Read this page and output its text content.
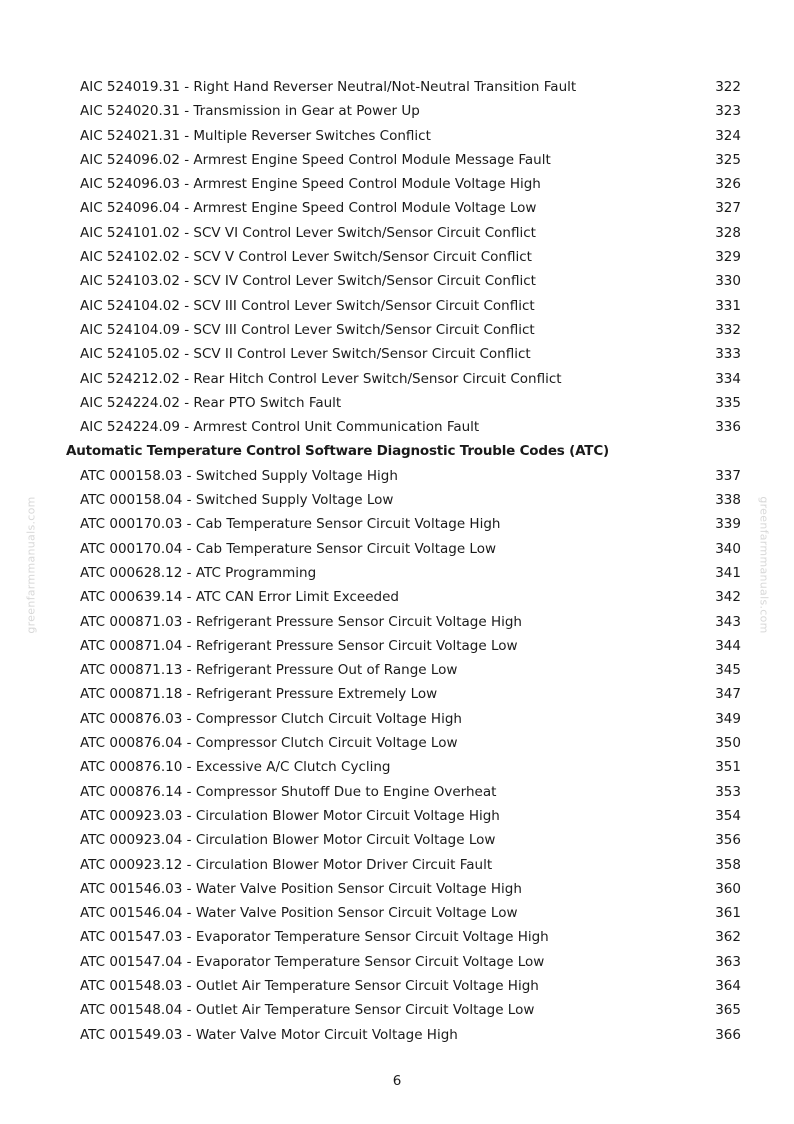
greenfarmmanuals.com	greenfarmmanuals.com
AIC 524019.31 - Right Hand Reverser Neutral/Not-Neutral Transition Fault	322
AIC 524020.31 - Transmission in Gear at Power Up	323
AIC 524021.31 - Multiple Reverser Switches Conflict	324
AIC 524096.02 - Armrest Engine Speed Control Module Message Fault	325
AIC 524096.03 - Armrest Engine Speed Control Module Voltage High	326
AIC 524096.04 - Armrest Engine Speed Control Module Voltage Low	327
AIC 524101.02 - SCV VI Control Lever Switch/Sensor Circuit Conflict	328
AIC 524102.02 - SCV V Control Lever Switch/Sensor Circuit Conflict	329
AIC 524103.02 - SCV IV Control Lever Switch/Sensor Circuit Conflict	330
AIC 524104.02 - SCV III Control Lever Switch/Sensor Circuit Conflict	331
AIC 524104.09 - SCV III Control Lever Switch/Sensor Circuit Conflict	332
AIC 524105.02 - SCV II Control Lever Switch/Sensor Circuit Conflict	333
AIC 524212.02 - Rear Hitch Control Lever Switch/Sensor Circuit Conflict	334
AIC 524224.02 - Rear PTO Switch Fault	335
AIC 524224.09 - Armrest Control Unit Communication Fault	336
Automatic Temperature Control Software Diagnostic Trouble Codes (ATC)
ATC 000158.03 - Switched Supply Voltage High	337
ATC 000158.04 - Switched Supply Voltage Low	338
ATC 000170.03 - Cab Temperature Sensor Circuit Voltage High	339
ATC 000170.04 - Cab Temperature Sensor Circuit Voltage Low	340
ATC 000628.12 - ATC Programming	341
ATC 000639.14 - ATC CAN Error Limit Exceeded	342
ATC 000871.03 - Refrigerant Pressure Sensor Circuit Voltage High	343
ATC 000871.04 - Refrigerant Pressure Sensor Circuit Voltage Low	344
ATC 000871.13 - Refrigerant Pressure Out of Range Low	345
ATC 000871.18 - Refrigerant Pressure Extremely Low	347
ATC 000876.03 - Compressor Clutch Circuit Voltage High	349
ATC 000876.04 - Compressor Clutch Circuit Voltage Low	350
ATC 000876.10 - Excessive A/C Clutch Cycling	351
ATC 000876.14 - Compressor Shutoff Due to Engine Overheat	353
ATC 000923.03 - Circulation Blower Motor Circuit Voltage High	354
ATC 000923.04 - Circulation Blower Motor Circuit Voltage Low	356
ATC 000923.12 - Circulation Blower Motor Driver Circuit Fault	358
ATC 001546.03 - Water Valve Position Sensor Circuit Voltage High	360
ATC 001546.04 - Water Valve Position Sensor Circuit Voltage Low	361
ATC 001547.03 - Evaporator Temperature Sensor Circuit Voltage High	362
ATC 001547.04 - Evaporator Temperature Sensor Circuit Voltage Low	363
ATC 001548.03 - Outlet Air Temperature Sensor Circuit Voltage High	364
ATC 001548.04 - Outlet Air Temperature Sensor Circuit Voltage Low	365
ATC 001549.03 - Water Valve Motor Circuit Voltage High	366
6
